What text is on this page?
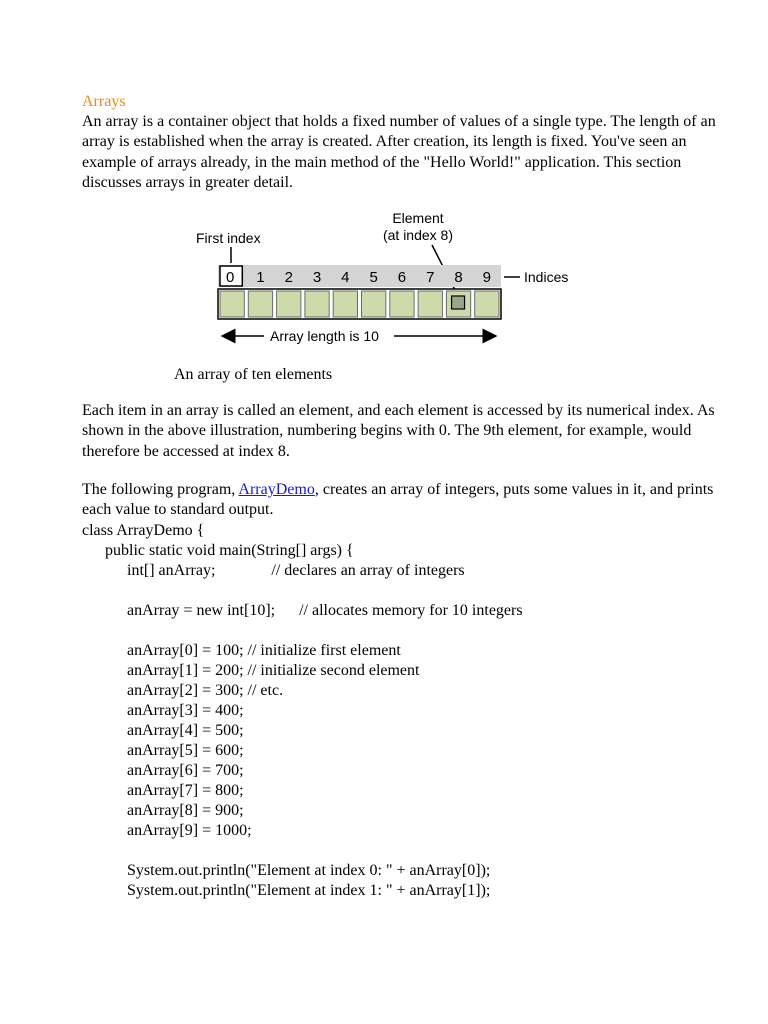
Arrays

An array is a container object that holds a fixed number of values of a single type. The length of an array is established when the array is created. After creation, its length is fixed. You've seen an example of arrays already, in the main method of the "Hello World!" application. This section discusses arrays in greater detail.

First index
Element
(at index 8)
0 1 2 3 4 5 6 7 8 9 Indices
Array length is 10
An array of ten elements

Each item in an array is called an element, and each element is accessed by its numerical index. As shown in the above illustration, numbering begins with 0. The 9th element, for example, would therefore be accessed at index 8.

The following program, ArrayDemo, creates an array of integers, puts some values in it, and prints each value to standard output.

class ArrayDemo {
public static void main(String[] args) {
int[] anArray;              // declares an array of integers
anArray = new int[10];      // allocates memory for 10 integers
anArray[0] = 100; // initialize first element
anArray[1] = 200; // initialize second element
anArray[2] = 300; // etc.
anArray[3] = 400;
anArray[4] = 500;
anArray[5] = 600;
anArray[6] = 700;
anArray[7] = 800;
anArray[8] = 900;
anArray[9] = 1000;
System.out.println("Element at index 0: " + anArray[0]);
System.out.println("Element at index 1: " + anArray[1]);
